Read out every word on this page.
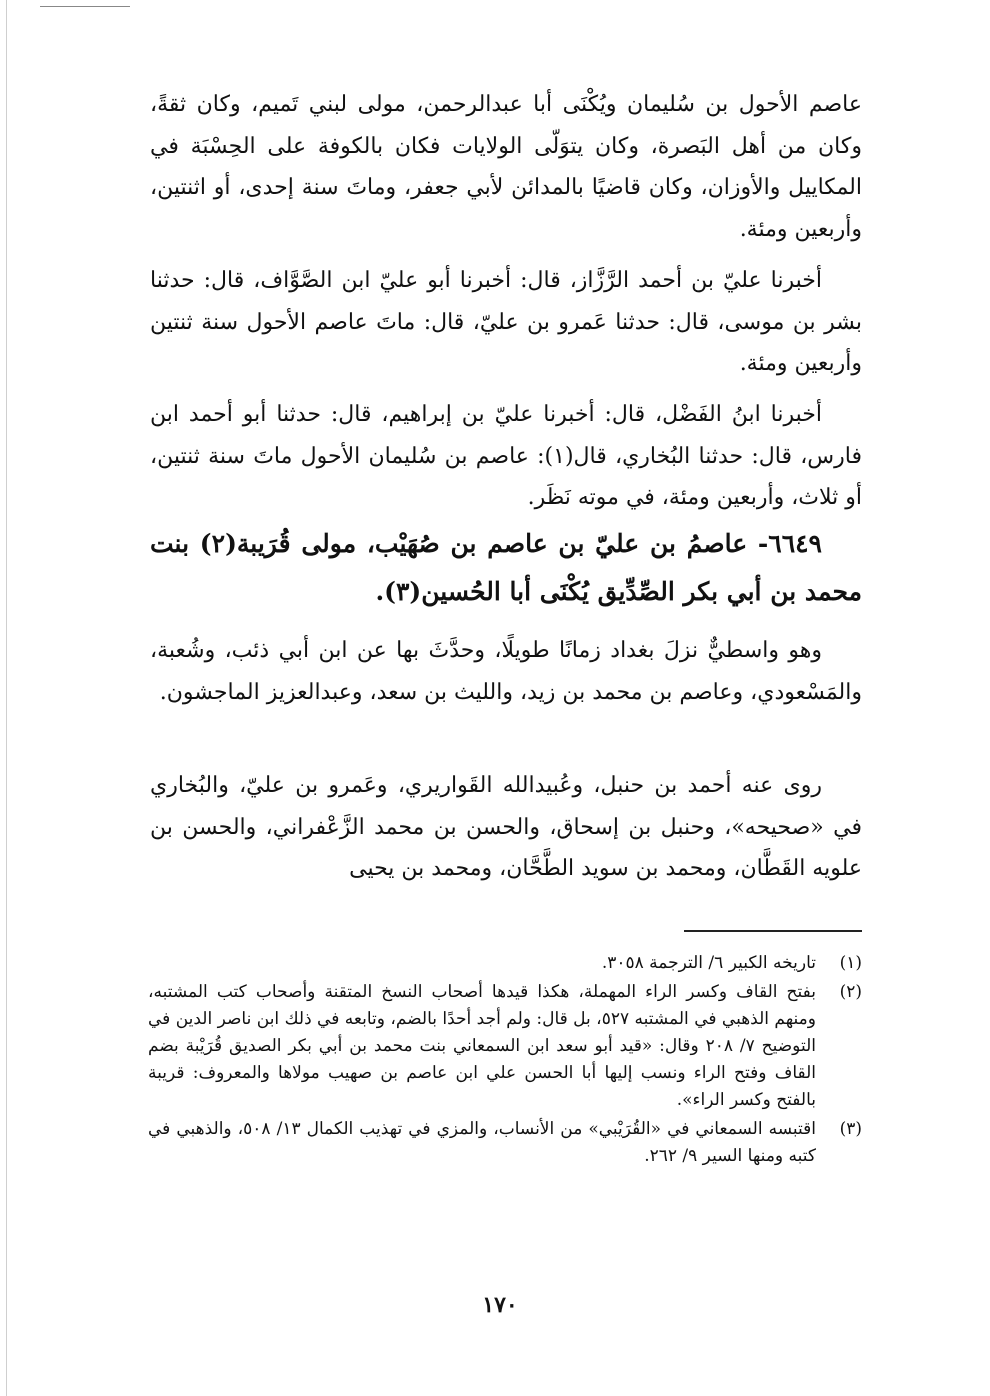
عاصم الأحول بن سُليمان ويُكْنَى أبا عبدالرحمن، مولى لبني تَميم، وكان ثقةً، وكان من أهل البَصرة، وكان يتوَلّى الولايات فكان بالكوفة على الحِسْبَة في المكاييل والأوزان، وكان قاضيًا بالمدائن لأبي جعفر، وماتَ سنة إحدى، أو اثنتين، وأربعين ومئة.

أخبرنا عليّ بن أحمد الرَّزَّاز، قال: أخبرنا أبو عليّ ابن الصَّوَّاف، قال: حدثنا بشر بن موسى، قال: حدثنا عَمرو بن عليّ، قال: ماتَ عاصم الأحول سنة ثنتين وأربعين ومئة.

أخبرنا ابنُ الفَضْل، قال: أخبرنا عليّ بن إبراهيم، قال: حدثنا أبو أحمد ابن فارس، قال: حدثنا البُخاري، قال(١): عاصم بن سُليمان الأحول ماتَ سنة ثنتين، أو ثلاث، وأربعين ومئة، في موته نَظَر.

٦٦٤٩- عاصمُ بن عليّ بن عاصم بن صُهَيْب، مولى قُرَيبة(٢) بنت محمد بن أبي بكر الصِّدِّيق يُكْنَى أبا الحُسين(٣).

وهو واسطيٌّ نزلَ بغداد زمانًا طويلًا، وحدَّثَ بها عن ابن أبي ذئب، وشُعبة، والمَسْعودي، وعاصم بن محمد بن زيد، والليث بن سعد، وعبدالعزيز الماجشون.

روى عنه أحمد بن حنبل، وعُبيدالله القَواريري، وعَمرو بن عليّ، والبُخاري في «صحيحه»، وحنبل بن إسحاق، والحسن بن محمد الزَّعْفراني، والحسن بن علويه القَطَّان، ومحمد بن سويد الطَّحَّان، ومحمد بن يحيى

(١)
تاريخه الكبير ٦/ الترجمة ٣٠٥٨.
(٢)
بفتح القاف وكسر الراء المهملة، هكذا قيدها أصحاب النسخ المتقنة وأصحاب كتب المشتبه، ومنهم الذهبي في المشتبه ٥٢٧، بل قال: ولم أجد أحدًا بالضم، وتابعه في ذلك ابن ناصر الدين في التوضيح ٧/ ٢٠٨ وقال: «قيد أبو سعد ابن السمعاني بنت محمد بن أبي بكر الصديق قُرَيْبة بضم القاف وفتح الراء ونسب إليها أبا الحسن علي ابن عاصم بن صهيب مولاها والمعروف: قريبة بالفتح وكسر الراء».
(٣)
اقتبسه السمعاني في «القُرَيْبي» من الأنساب، والمزي في تهذيب الكمال ١٣/ ٥٠٨، والذهبي في كتبه ومنها السير ٩/ ٢٦٢.
١٧٠
